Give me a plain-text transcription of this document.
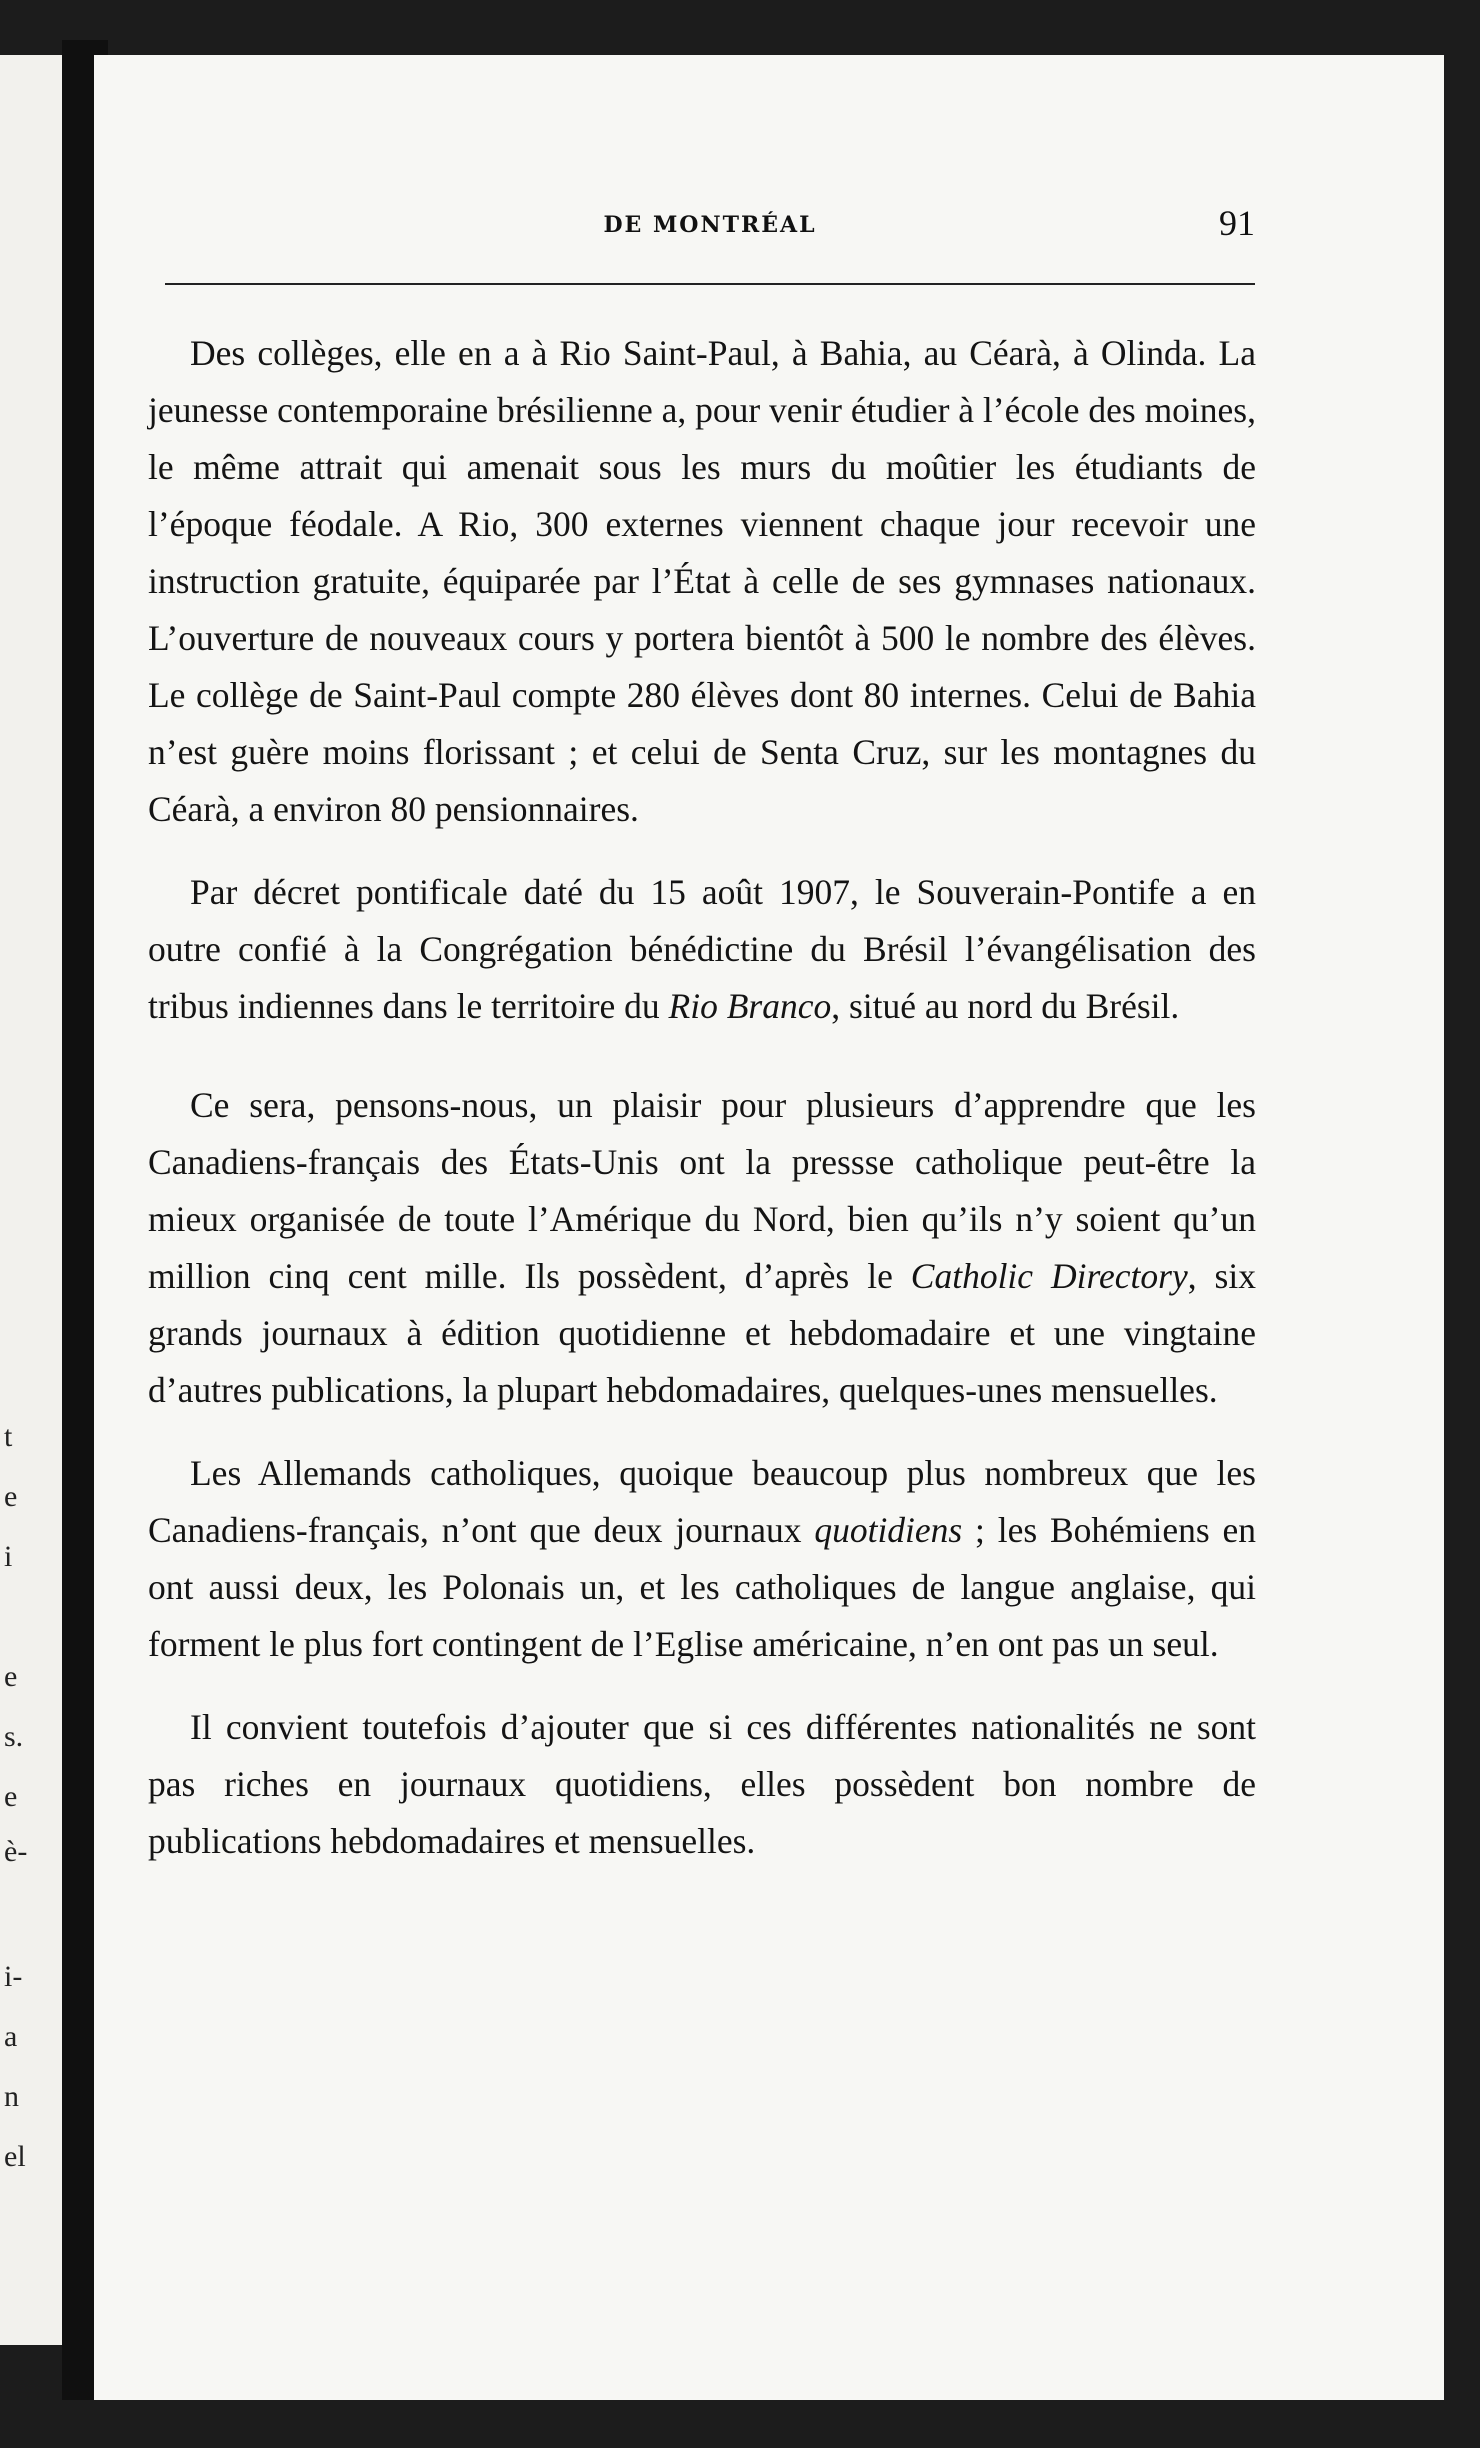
t
e
i
e
s.
e
è-
i-
a
n
el
DE MONTRÉAL	91

Des collèges, elle en a à Rio Saint-Paul, à Bahia, au Céarà, à Olinda. La jeunesse contemporaine brésilienne a, pour venir étudier à l’école des moines, le même attrait qui amenait sous les murs du moûtier les étudiants de l’époque féodale. A Rio, 300 externes viennent chaque jour recevoir une instruction gratuite, équiparée par l’État à celle de ses gymnases nationaux. L’ouverture de nouveaux cours y portera bientôt à 500 le nombre des élèves. Le collège de Saint-Paul compte 280 élèves dont 80 internes. Celui de Bahia n’est guère moins florissant ; et celui de Senta Cruz, sur les montagnes du Céarà, a environ 80 pensionnaires.

Par décret pontificale daté du 15 août 1907, le Souverain-Pontife a en outre confié à la Congrégation bénédictine du Brésil l’évangélisation des tribus indiennes dans le territoire du Rio Branco, situé au nord du Brésil.

Ce sera, pensons-nous, un plaisir pour plusieurs d’apprendre que les Canadiens-français des États-Unis ont la pressse catholique peut-être la mieux organisée de toute l’Amérique du Nord, bien qu’ils n’y soient qu’un million cinq cent mille. Ils possèdent, d’après le Catholic Directory, six grands journaux à édition quotidienne et hebdomadaire et une vingtaine d’autres publications, la plupart hebdomadaires, quelques-unes mensuelles.

Les Allemands catholiques, quoique beaucoup plus nombreux que les Canadiens-français, n’ont que deux journaux quotidiens ; les Bohémiens en ont aussi deux, les Polonais un, et les catholiques de langue anglaise, qui forment le plus fort contingent de l’Eglise américaine, n’en ont pas un seul.

Il convient toutefois d’ajouter que si ces différentes nationalités ne sont pas riches en journaux quotidiens, elles possèdent bon nombre de publications hebdomadaires et mensuelles.
